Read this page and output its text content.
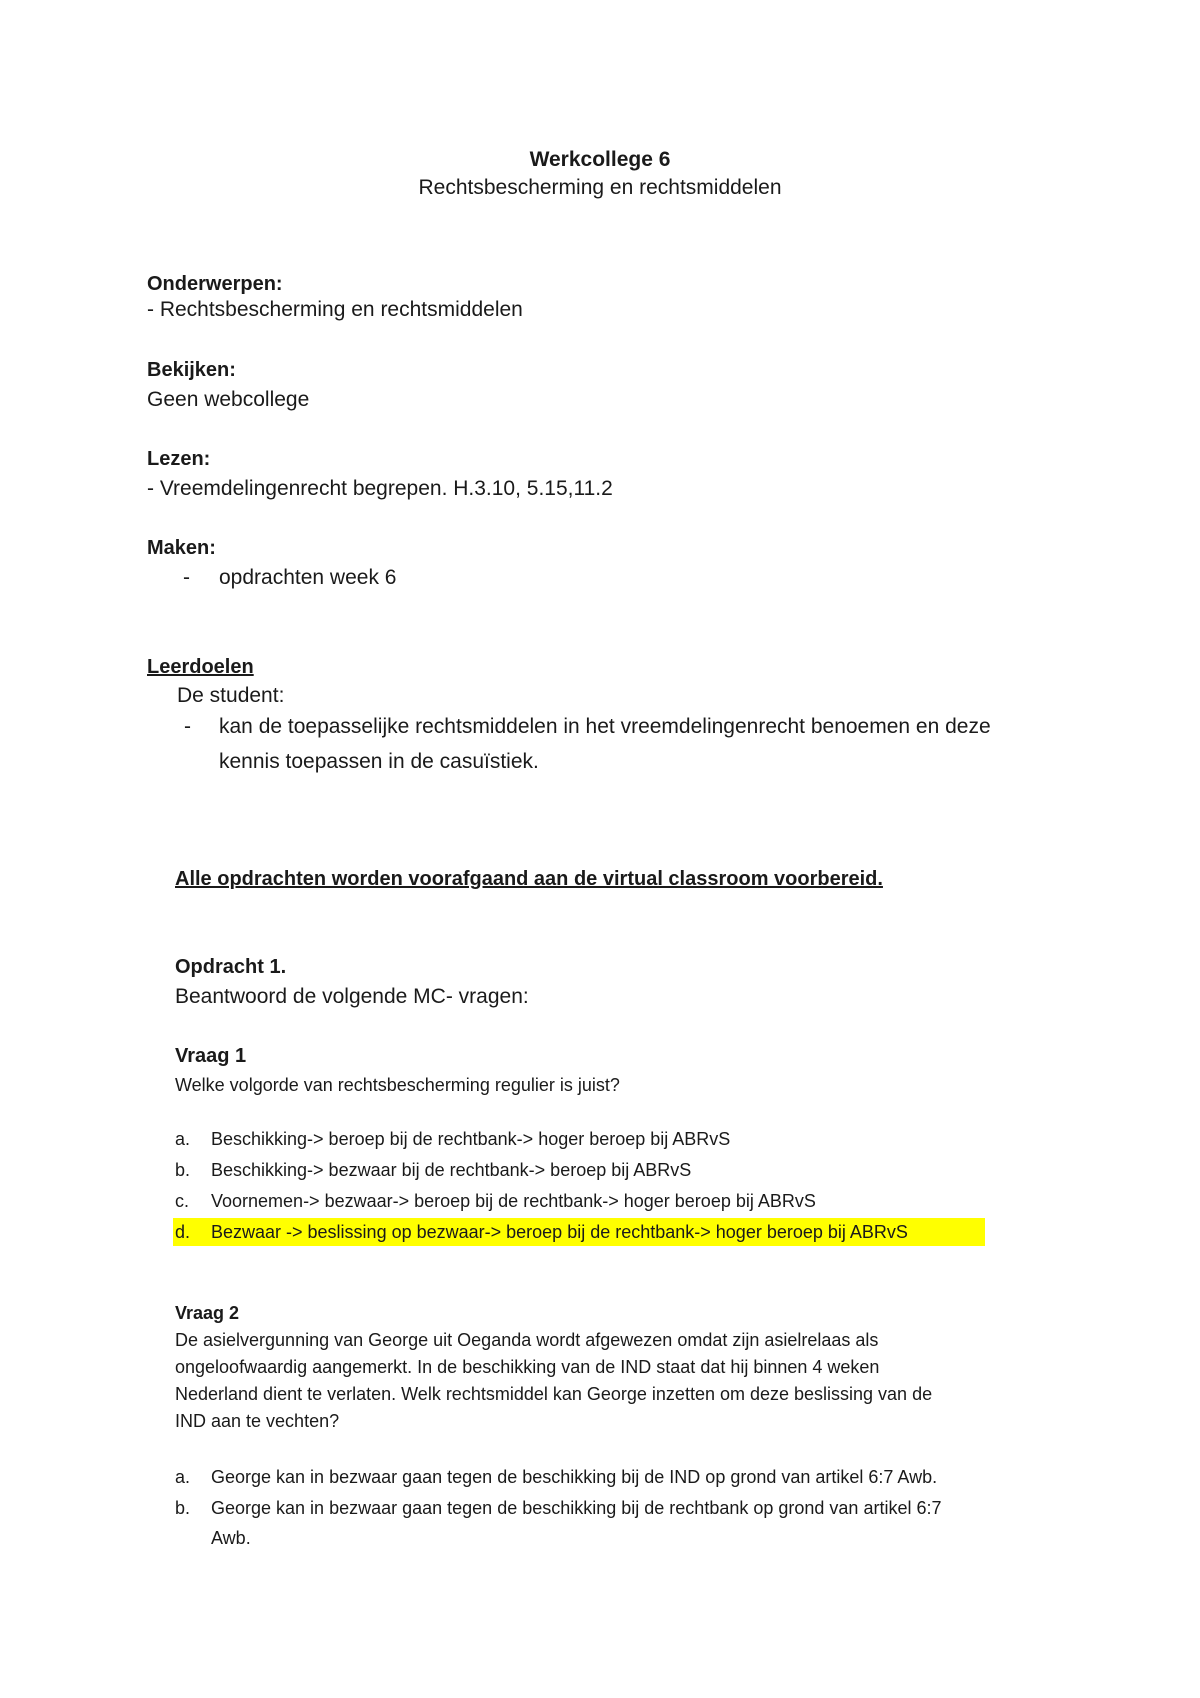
Werkcollege 6
Rechtsbescherming en rechtsmiddelen
Onderwerpen:
- Rechtsbescherming en rechtsmiddelen
Bekijken:
Geen webcollege
Lezen:
- Vreemdelingenrecht begrepen. H.3.10, 5.15,11.2
Maken:
- opdrachten week 6
Leerdoelen
De student:
- kan de toepasselijke rechtsmiddelen in het vreemdelingenrecht benoemen en deze
kennis toepassen in de casuïstiek.
Alle opdrachten worden voorafgaand aan de virtual classroom voorbereid.
Opdracht 1.
Beantwoord de volgende MC- vragen:
Vraag 1
Welke volgorde van rechtsbescherming regulier is juist?
a. Beschikking-> beroep bij de rechtbank-> hoger beroep bij ABRvS
b. Beschikking-> bezwaar bij de rechtbank-> beroep bij ABRvS
c. Voornemen-> bezwaar-> beroep bij de rechtbank-> hoger beroep bij ABRvS
d. Bezwaar -> beslissing op bezwaar-> beroep bij de rechtbank-> hoger beroep bij ABRvS
Vraag 2
De asielvergunning van George uit Oeganda wordt afgewezen omdat zijn asielrelaas als
ongeloofwaardig aangemerkt. In de beschikking van de IND staat dat hij binnen 4 weken
Nederland dient te verlaten. Welk rechtsmiddel kan George inzetten om deze beslissing van de
IND aan te vechten?
a. George kan in bezwaar gaan tegen de beschikking bij de IND op grond van artikel 6:7 Awb.
b. George kan in bezwaar gaan tegen de beschikking bij de rechtbank op grond van artikel 6:7
Awb.
